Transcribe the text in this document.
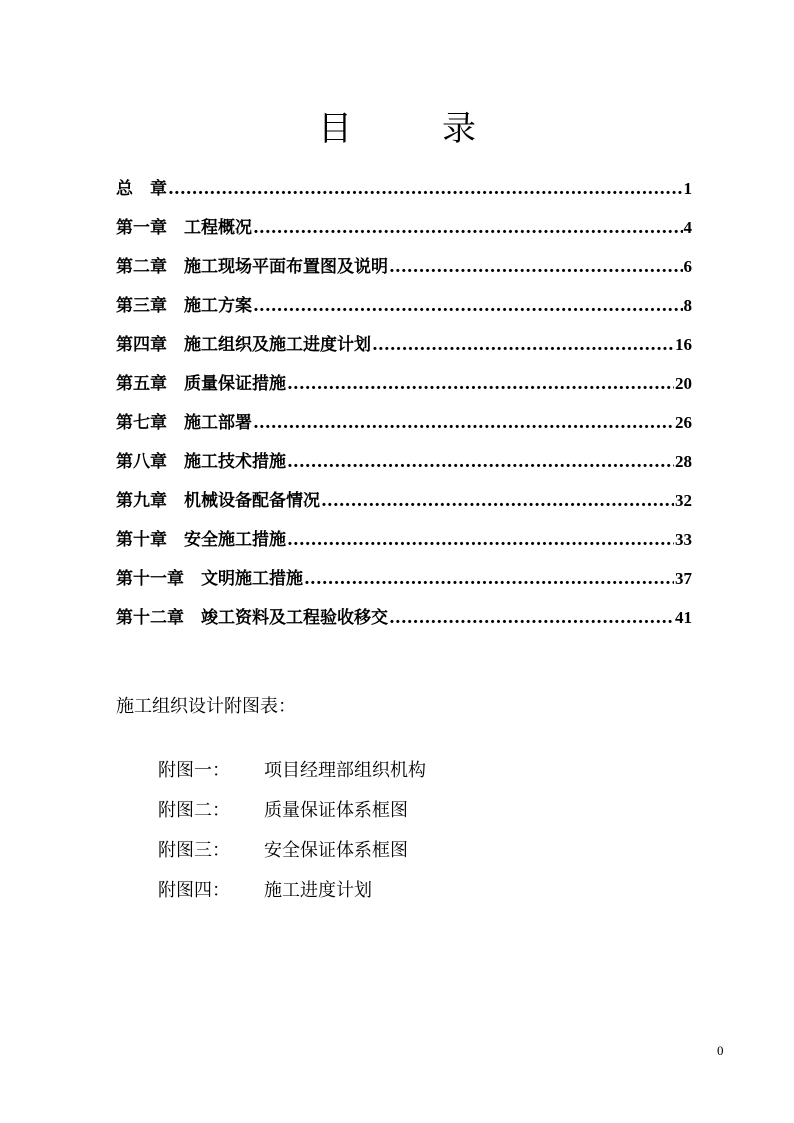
目	录
总　章 .....	1
第一章　 工程概况 .....	4
第二章　 施工现场平面布置图及说明 .....	6
第三章　 施工方案 .....	8
第四章　 施工组织及施工进度计划 .....	16
第五章　 质量保证措施 .....	20
第七章　 施工部署 .....	26
第八章　 施工技术措施 .....	28
第九章　 机械设备配备情况 .....	32
第十章　 安全施工措施 .....	33
第十一章　 文明施工措施 .....	37
第十二章　 竣工资料及工程验收移交 .....	41
施工组织设计附图表：
附图一：	项目经理部组织机构
附图二：	质量保证体系框图
附图三：	安全保证体系框图
附图四：	施工进度计划
0
